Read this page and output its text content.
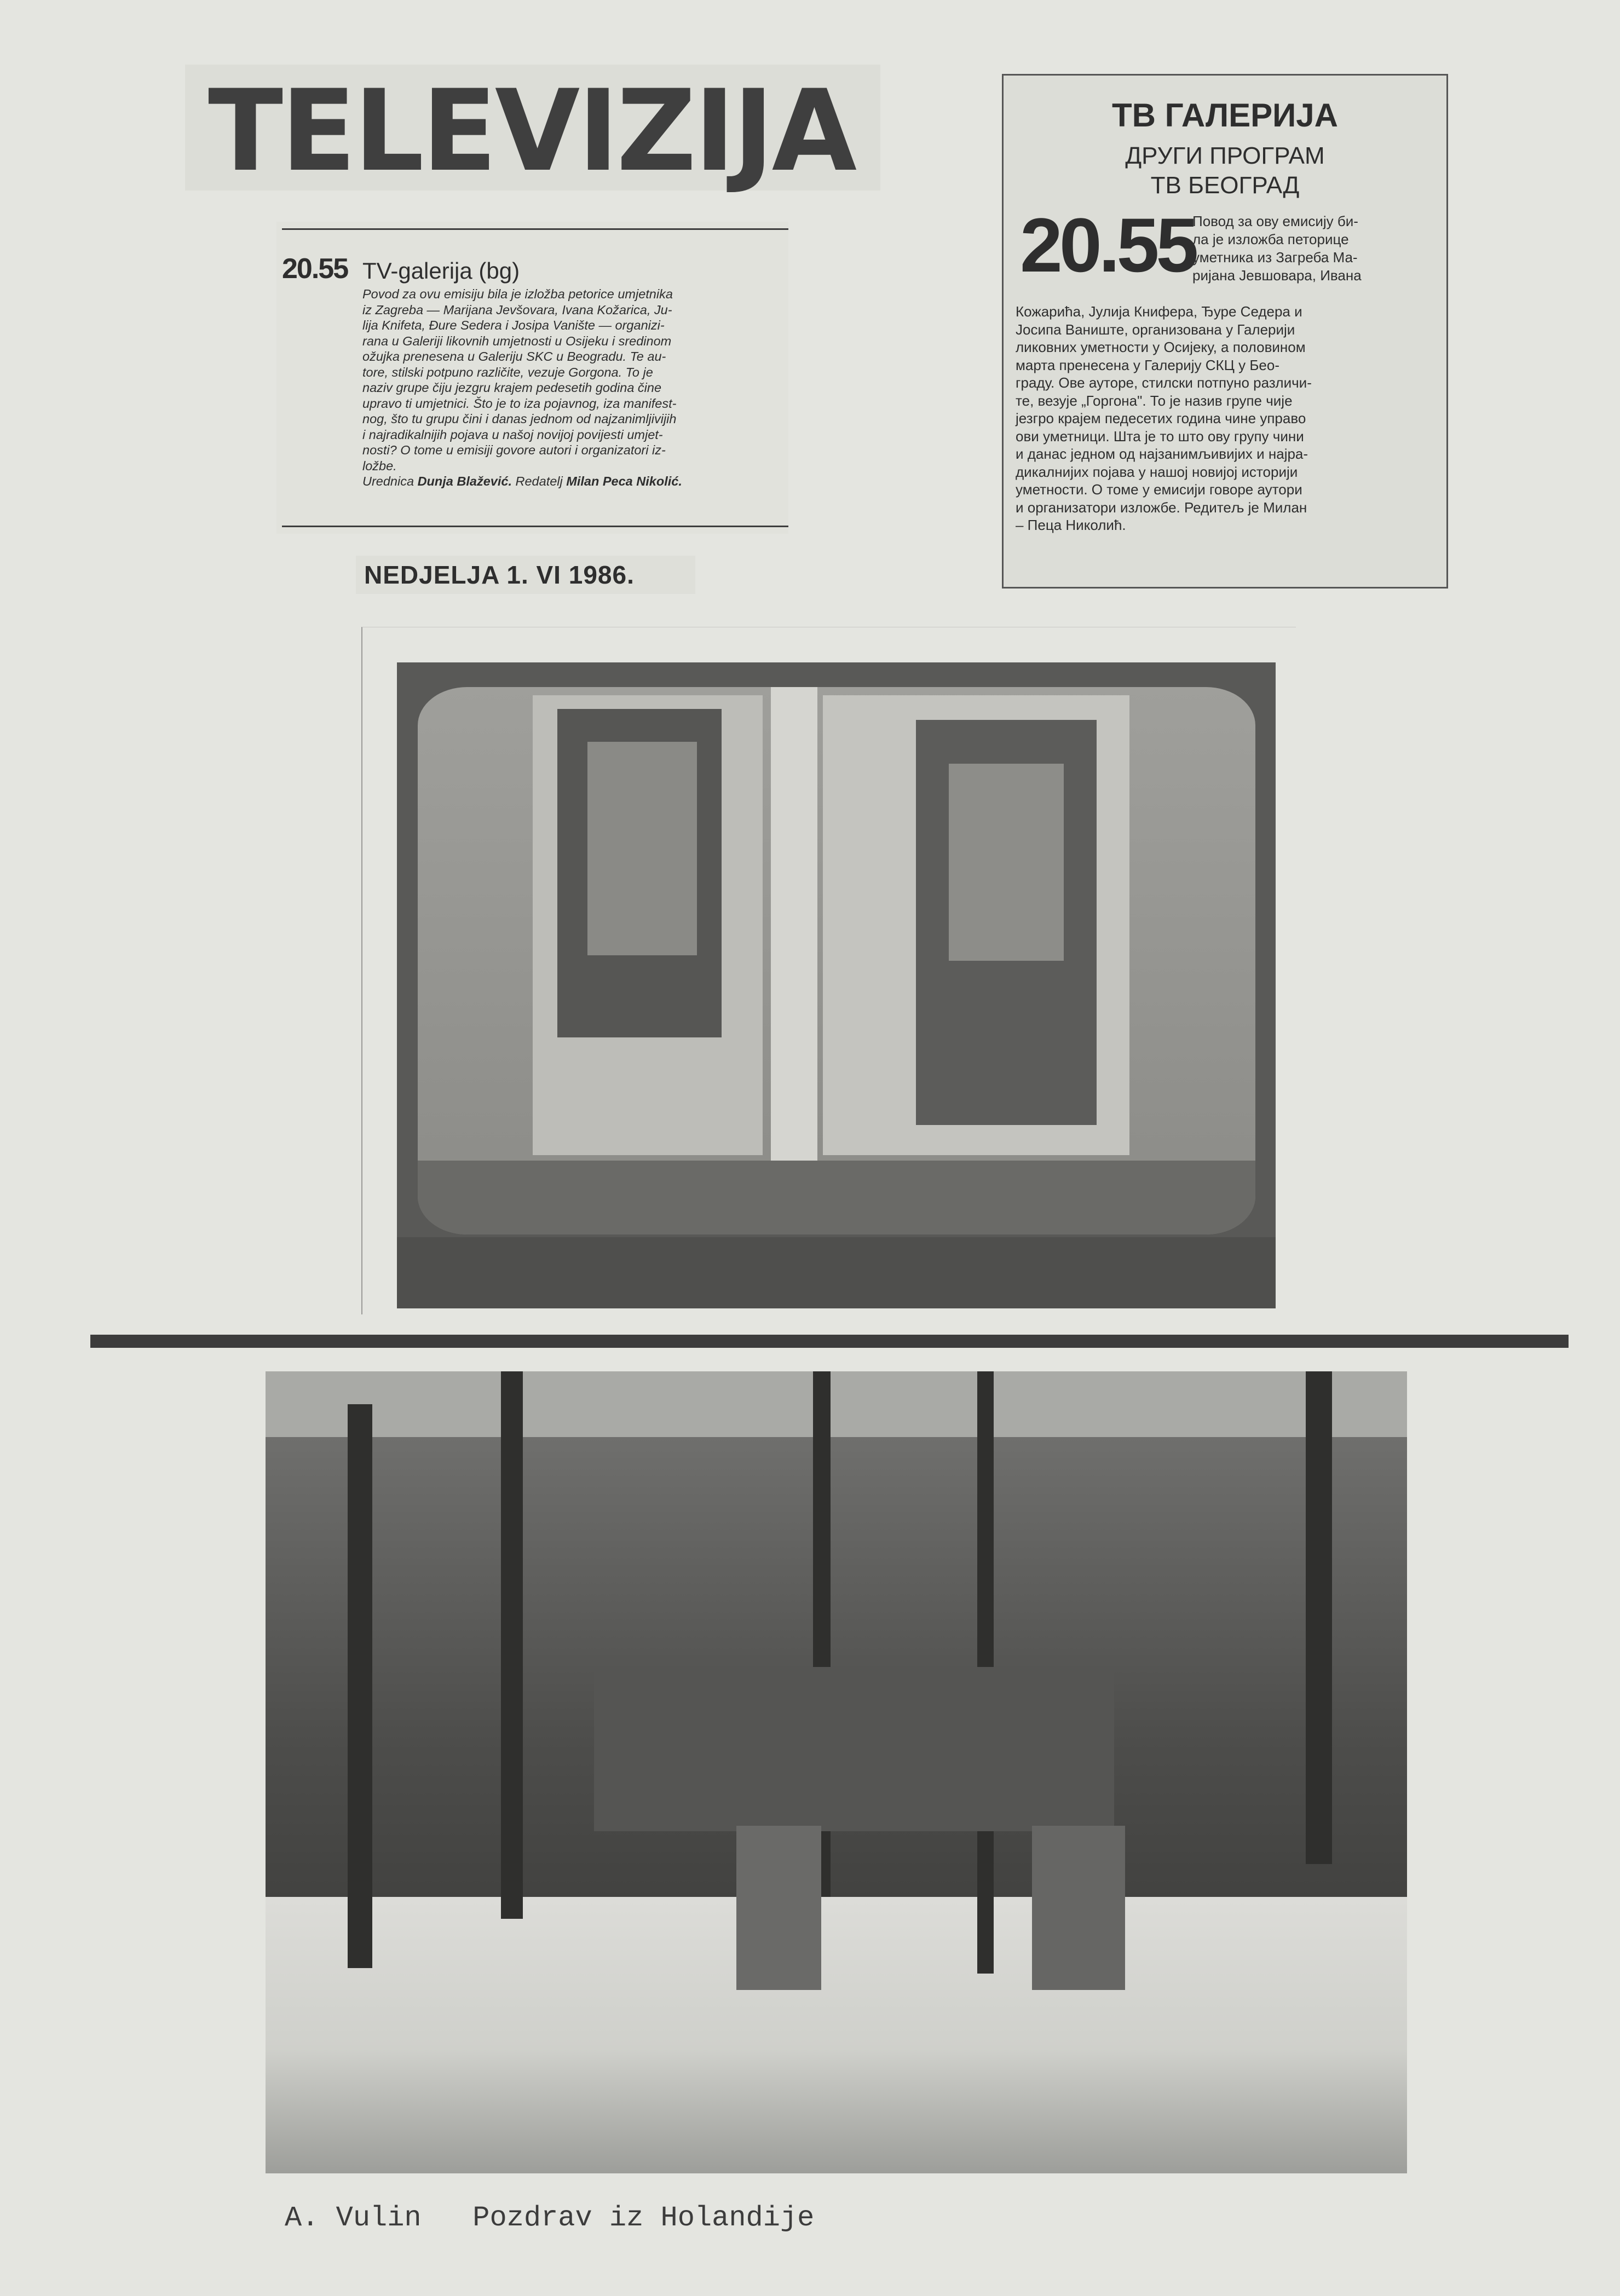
TELEVIZIJA
20.55 TV-galerija (bg)

Povod za ovu emisiju bila je izložba petorice umjetnika

iz Zagreba — Marijana Jevšovara, Ivana Kožarica, Ju-

lija Knifeta, Đure Sedera i Josipa Vanište — organizi-

rana u Galeriji likovnih umjetnosti u Osijeku i sredinom

ožujka prenesena u Galeriju SKC u Beogradu. Te au-

tore, stilski potpuno različite, vezuje Gorgona. To je

naziv grupe čiju jezgru krajem pedesetih godina čine

upravo ti umjetnici. Što je to iza pojavnog, iza manifest-

nog, što tu grupu čini i danas jednom od najzanimljivijih

i najradikalnijih pojava u našoj novijoj povijesti umjet-

nosti? O tome u emisiji govore autori i organizatori iz-

ložbe.

Urednica Dunja Blažević. Redatelj Milan Peca Nikolić.

NEDJELJA 1. VI 1986.
ТВ ГАЛЕРИЈА
ДРУГИ ПРОГРАМ
ТВ БЕОГРАД
20.55

Повод за ову емисију би-

ла је изложба петорице

уметника из Загреба Ма-

ријана Јевшовара, Ивана

Кожарића, Јулија Книфера, Ђуре Седера и

Јосипа Ваниште, организована у Галерији

ликовних уметности у Осијеку, а половином

марта пренесена у Галерију СКЦ у Бео-

граду. Ове ауторе, стилски потпуно различи-

те, везује „Горгона". То је назив групе чије

језгро крајем педесетих година чине управо

ови уметници. Шта је то што ову групу чини

и данас једном од најзанимљивијих и најра-

дикалнијих појава у нашој новијој историји

уметности. О томе у емисији говоре аутори

и организатори изложбе. Редитељ је Милан

– Пеца Николић.

A. Vulin Pozdrav iz Holandije
